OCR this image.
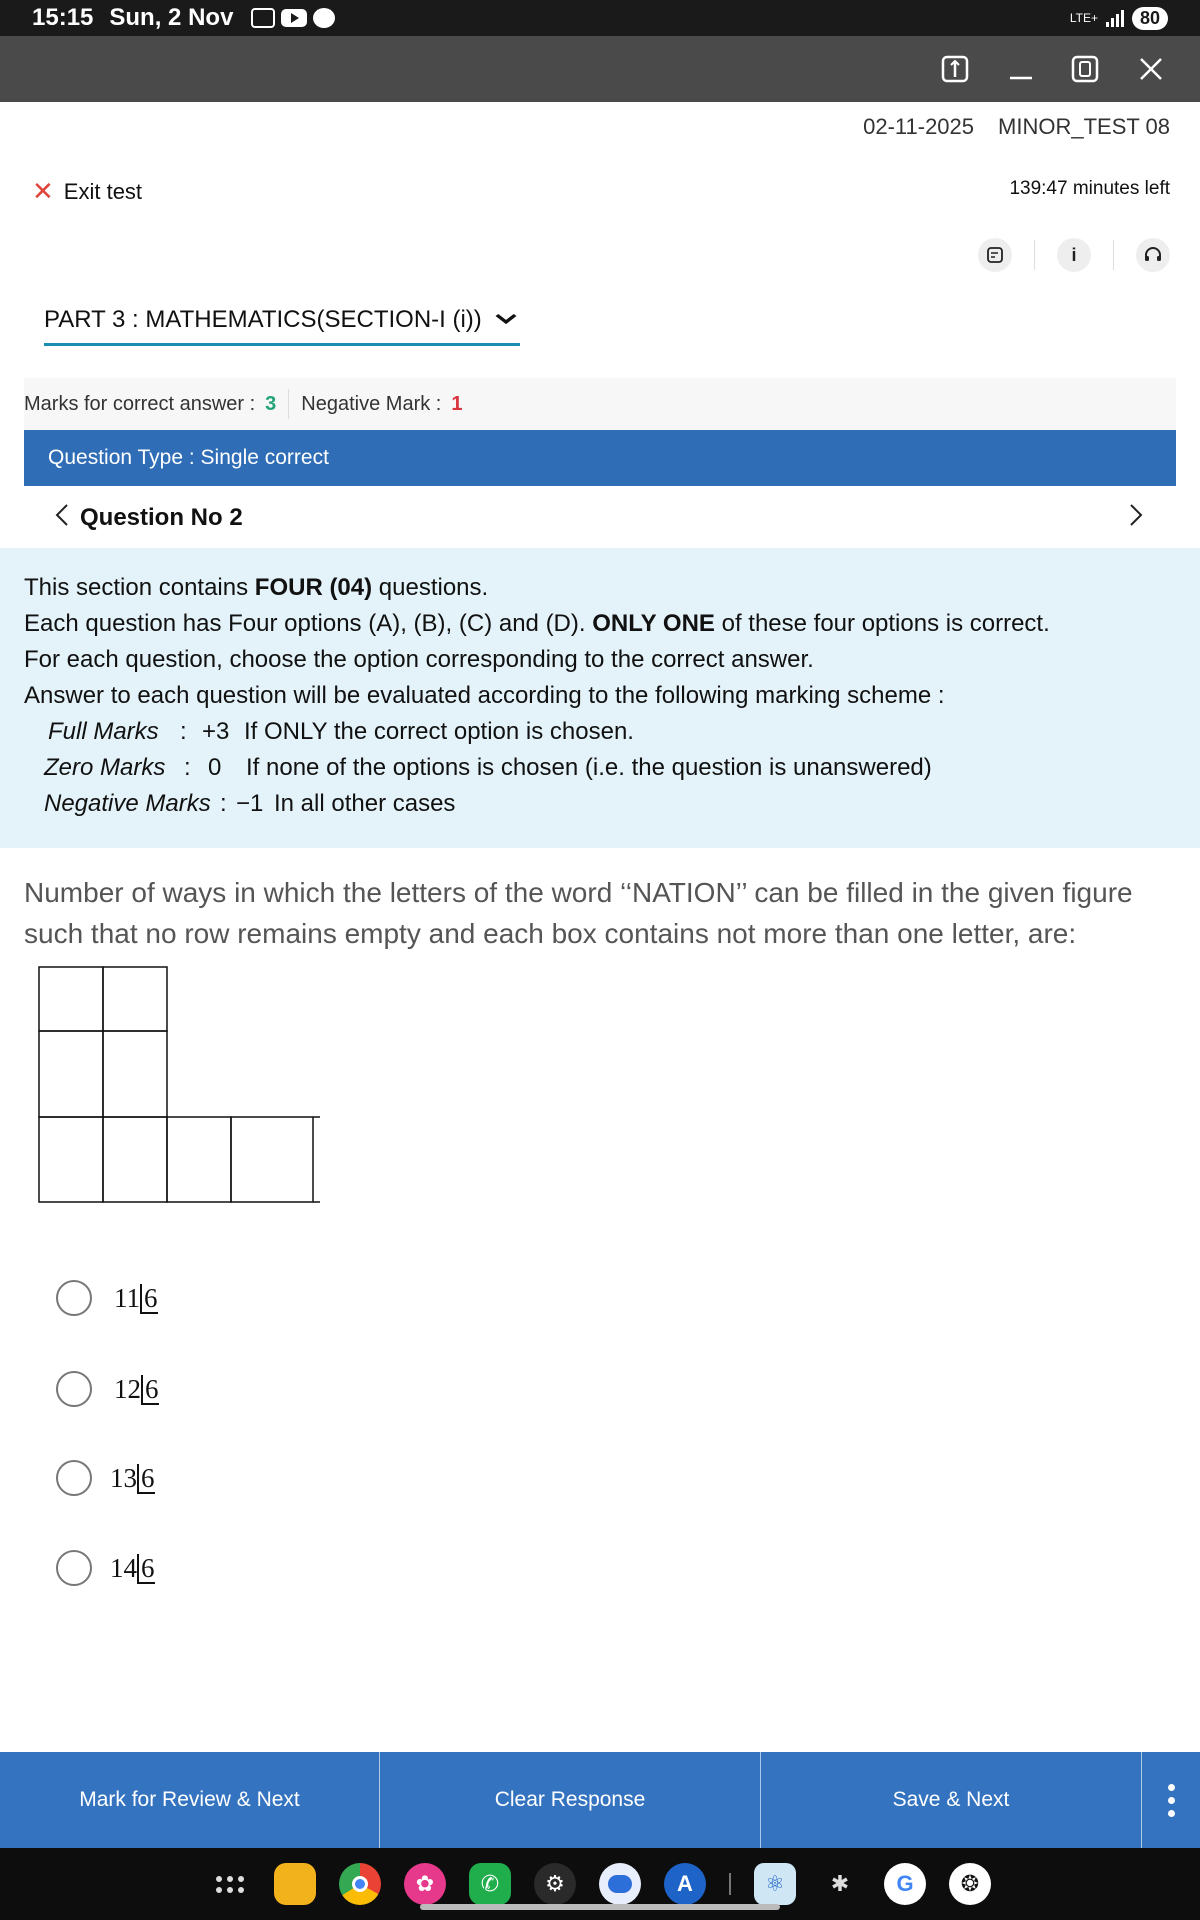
15:15 Sun, 2 Nov	LTE+	80
02-11-2025 MINOR_TEST 08
✕ Exit test	139:47 minutes left
i
PART 3 : MATHEMATICS(SECTION-I (i))
Marks for correct answer : 3 Negative Mark : 1
Question Type : Single correct
Question No 2
This section contains FOUR (04) questions.
Each question has Four options (A), (B), (C) and (D). ONLY ONE of these four options is correct.
For each question, choose the option corresponding to the correct answer.
Answer to each question will be evaluated according to the following marking scheme :
Full Marks : +3 If ONLY the correct option is chosen.
Zero Marks : 0	If none of the options is chosen (i.e. the question is unanswered)
Negative Marks : −1 In all other cases
Number of ways in which the letters of the word ‘‘NATION’’ can be filled in the given figure such that no row remains empty and each box contains not more than one letter, are:
11 6
12 6
13 6
14 6
Mark for Review & Next	Clear Response	Save & Next
✿	✆	⚙	A	⚛	✱	G	❂
